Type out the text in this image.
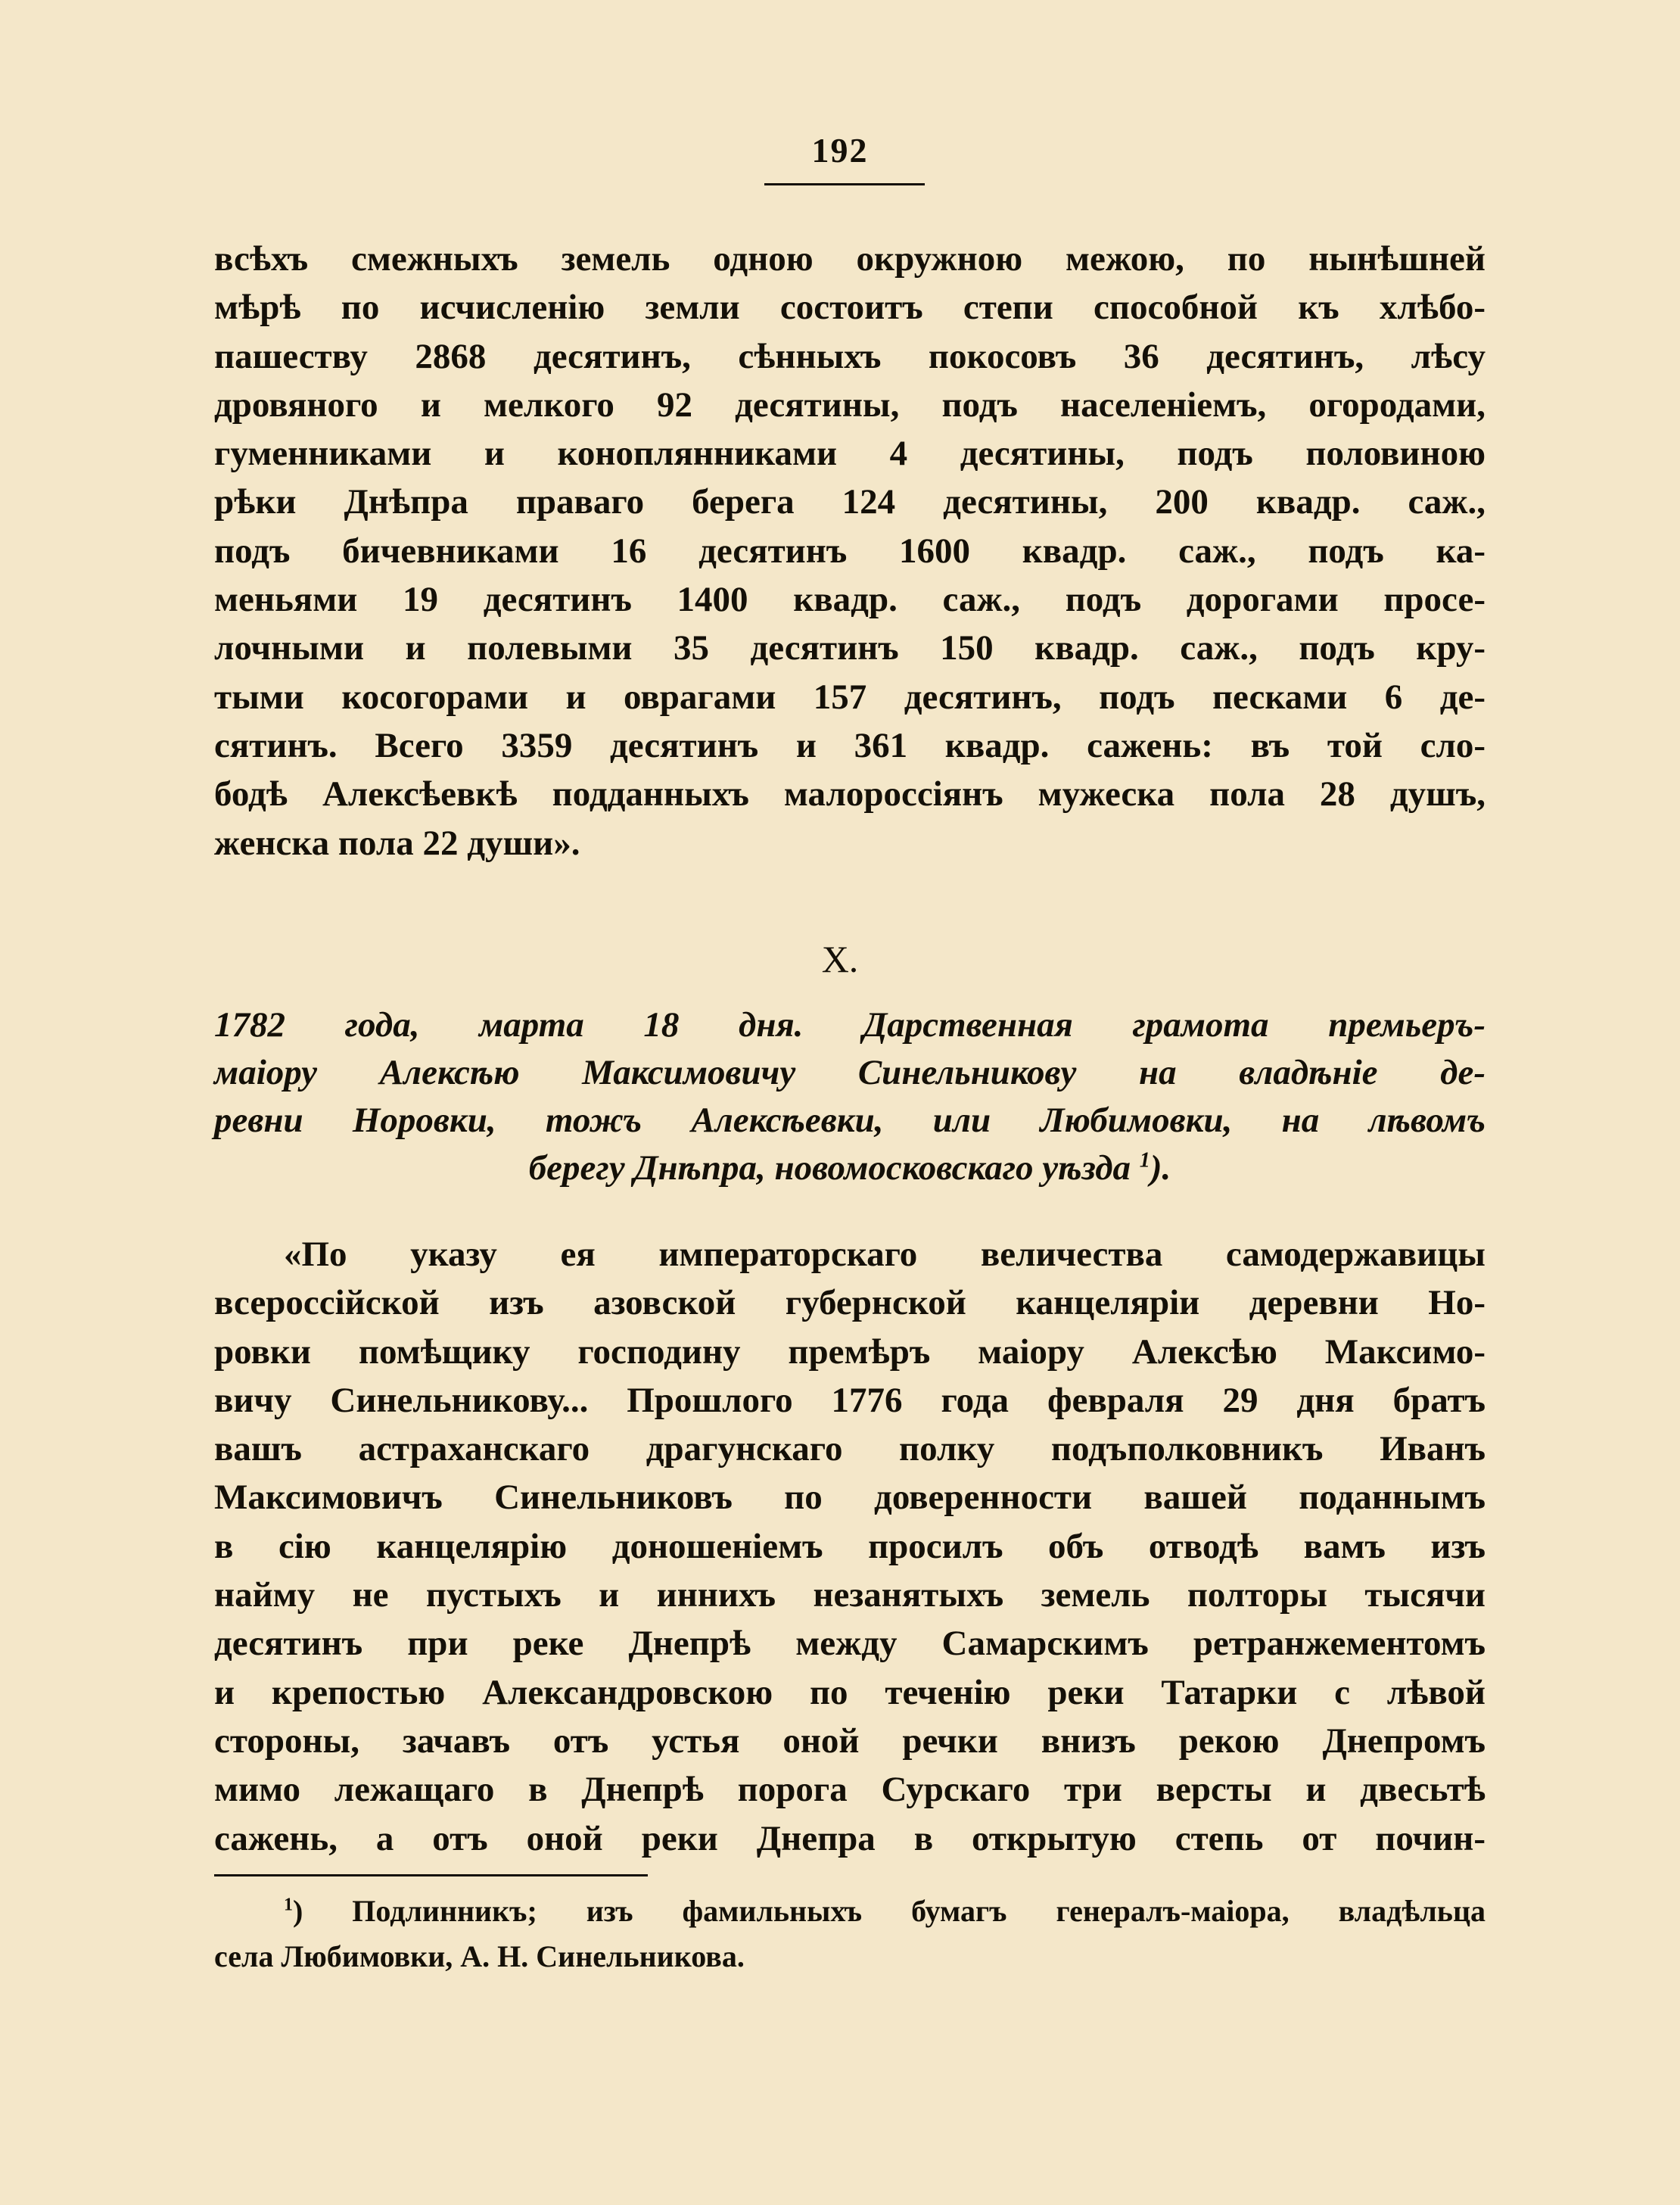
192
всѣхъ смежныхъ земель одною окружною межою, по нынѣшней
мѣрѣ по исчисленію земли состоитъ степи способной къ хлѣбо-
пашеству 2868 десятинъ, сѣнныхъ покосовъ 36 десятинъ, лѣсу
дровяного и мелкого 92 десятины, подъ населеніемъ, огородами,
гуменниками и коноплянниками 4 десятины, подъ половиною
рѣки Днѣпра праваго берега 124 десятины, 200 квадр. саж.,
подъ бичевниками 16 десятинъ 1600 квадр. саж., подъ ка-
меньями 19 десятинъ 1400 квадр. саж., подъ дорогами просе-
лочными и полевыми 35 десятинъ 150 квадр. саж., подъ кру-
тыми косогорами и оврагами 157 десятинъ, подъ песками 6 де-
сятинъ. Всего 3359 десятинъ и 361 квадр. сажень: въ той сло-
бодѣ Алексѣевкѣ подданныхъ малороссіянъ мужеска пола 28 душъ,
женска пола 22 души».
X.
1782 года, марта 18 дня. Дарственная грамота премьеръ-
маіору Алексѣю Максимовичу Синельникову на владѣніе де-
ревни Норовки, тожъ Алексѣевки, или Любимовки, на лѣвомъ
берегу Днѣпра, новомосковскаго уѣзда $^1$).
«По указу ея императорскаго величества самодержавицы
всероссійской изъ азовской губернской канцеляріи деревни Но-
ровки помѣщику господину премѣръ маіору Алексѣю Максимо-
вичу Синельникову... Прошлого 1776 года февраля 29 дня братъ
вашъ астраханскаго драгунскаго полку подъполковникъ Иванъ
Максимовичъ Синельниковъ по доверенности вашей поданнымъ
в сію канцелярію доношеніемъ просилъ объ отводѣ вамъ изъ
найму не пустыхъ и иннихъ незанятыхъ земель полторы тысячи
десятинъ при реке Днепрѣ между Самарскимъ ретранжементомъ
и крепостью Александровскою по теченію реки Татарки с лѣвой
стороны, зачавъ отъ устья оной речки внизъ рекою Днепромъ
мимо лежащаго в Днепрѣ порога Сурскаго три версты и двесьтѣ
сажень, а отъ оной реки Днепра в открытую степь от почин-
$^1$) Подлинникъ; изъ фамильныхъ бумагъ генералъ-маіора, владѣльца
села Любимовки, А. Н. Синельникова.
